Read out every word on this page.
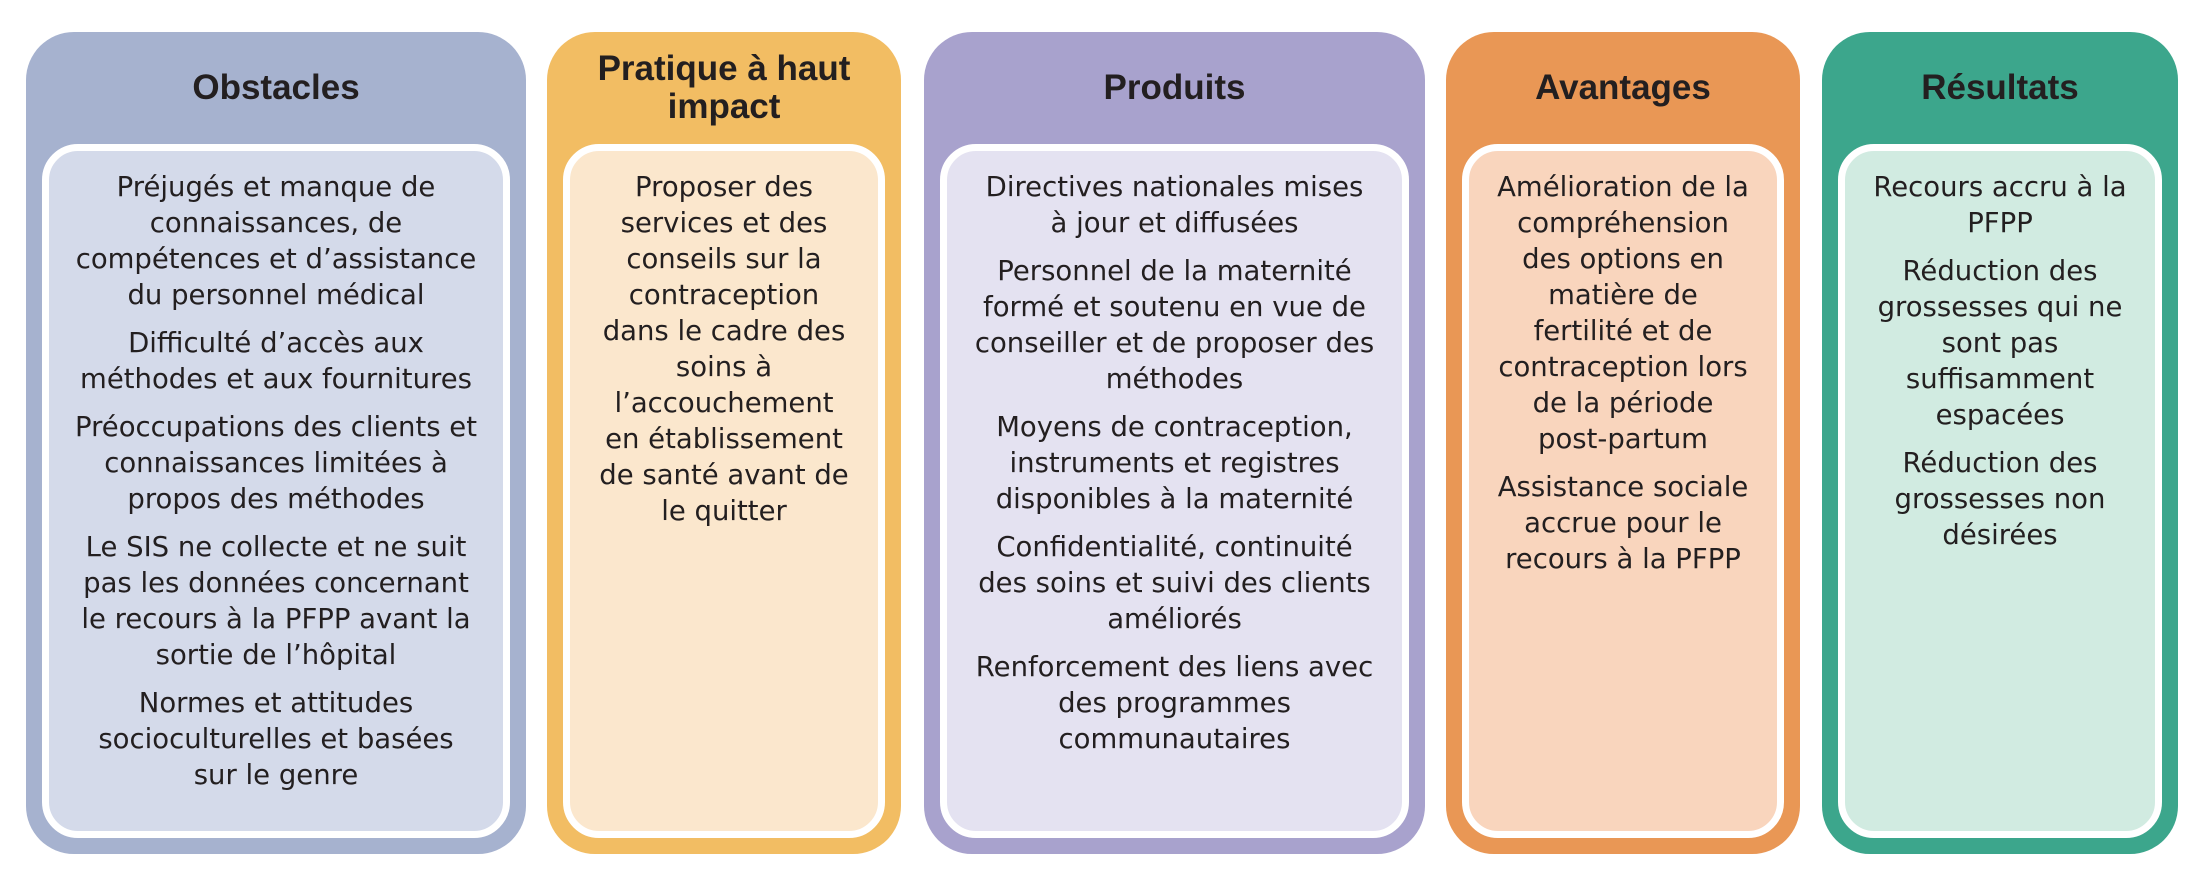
Obstacles

Préjugés et manque de connaissances, de compétences et d’assistance du personnel médical

Difficulté d’accès aux méthodes et aux fournitures

Préoccupations des clients et connaissances limitées à propos des méthodes

Le SIS ne collecte et ne suit pas les données concernant le recours à la PFPP avant la sortie de l’hôpital

Normes et attitudes socioculturelles et basées sur le genre

Pratique à haut impact

Proposer des services et des conseils sur la contraception dans le cadre des soins à l’accouchement en établissement de santé avant de le quitter

Produits

Directives nationales mises à jour et diffusées

Personnel de la maternité formé et soutenu en vue de conseiller et de proposer des méthodes

Moyens de contraception, instruments et registres disponibles à la maternité

Confidentialité, continuité des soins et suivi des clients améliorés

Renforcement des liens avec des programmes communautaires

Avantages

Amélioration de la compréhension des options en matière de fertilité et de contraception lors de la période post-partum

Assistance sociale accrue pour le recours à la PFPP

Résultats

Recours accru à la PFPP

Réduction des grossesses qui ne sont pas suffisamment espacées

Réduction des grossesses non désirées
